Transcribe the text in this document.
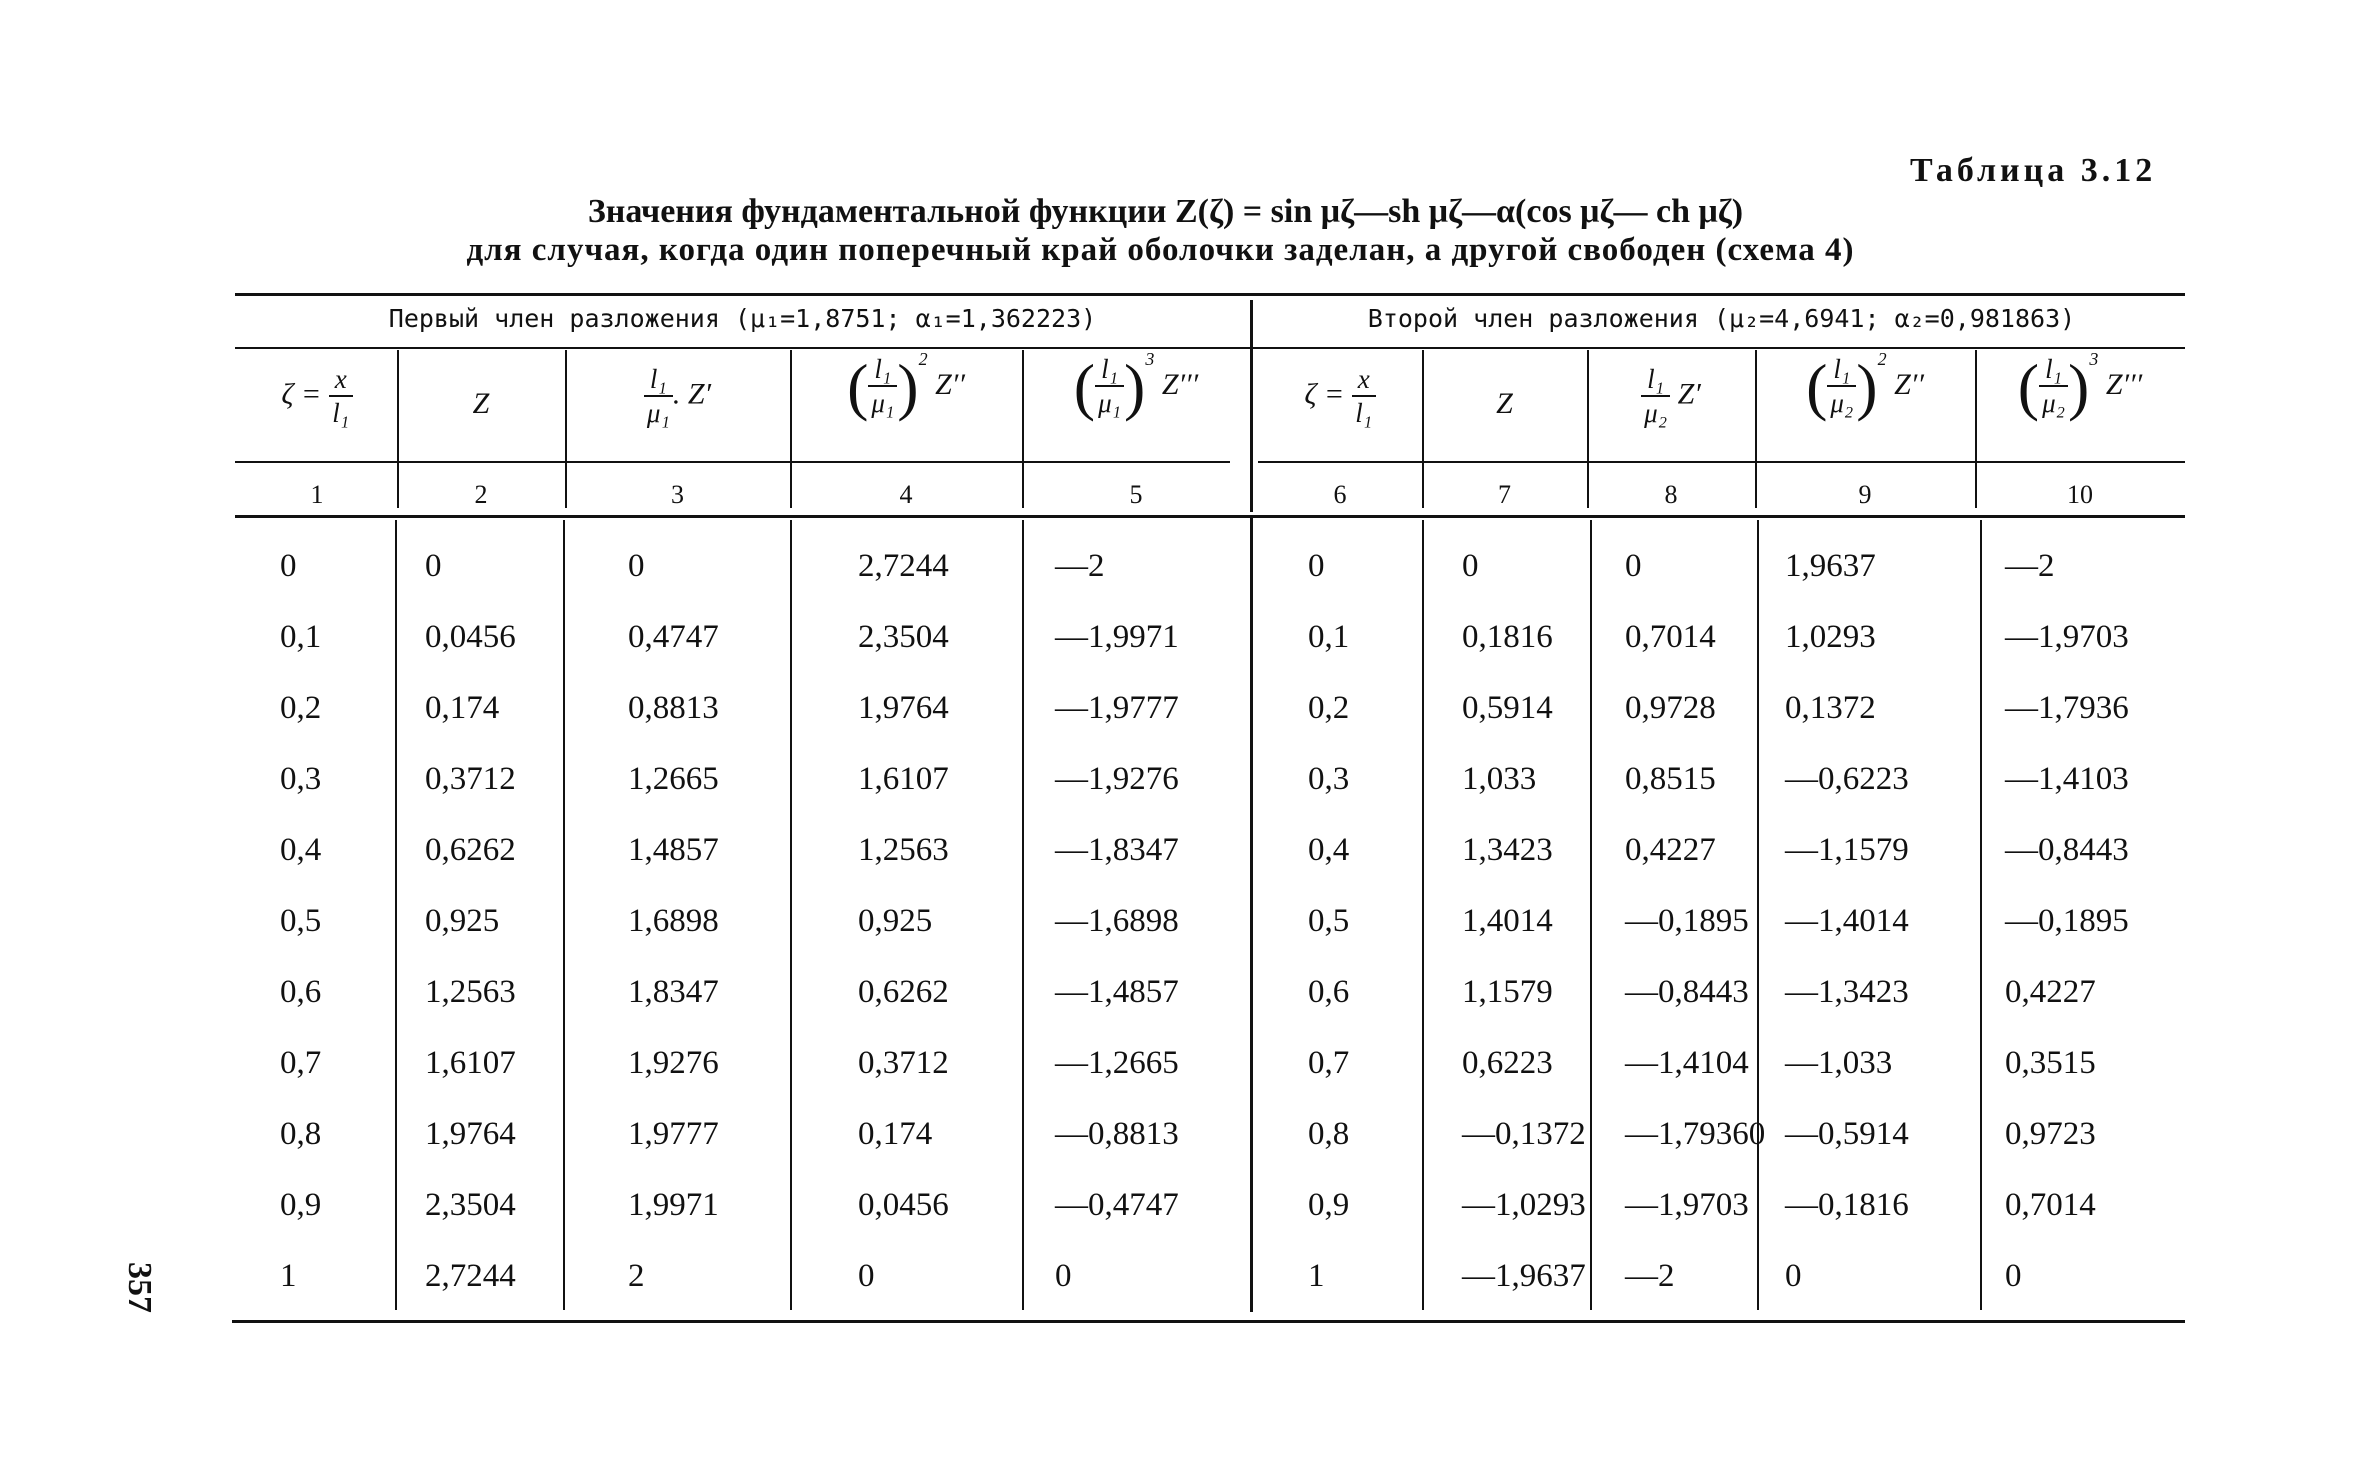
Таблица 3.12
Значения фундаментальной функции Z(ζ) = sin μζ—sh μζ—α(cos μζ— ch μζ)
для случая, когда один поперечный край оболочки заделан, а другой свободен (схема 4)
Первый член разложения (μ₁=1,8751; α₁=1,362223)	Второй член разложения (μ₂=4,6941; α₂=0,981863)
$\zeta = \frac{x}{\text{l₁}}$	Z	$\frac{\text{l₁}}{\text{μ₁}}$ . Z′	( $\frac{\text{l₁}}{\text{μ₁}} )^2$ Z′′	( $\frac{\text{l₁}}{\text{μ₁}} )^3$ Z′′′	$\zeta = \frac{x}{\text{l₁}}$	Z	$\frac{\text{l₁}}{\text{μ₂}} Z'$	( $\frac{\text{l₁}}{\text{μ₂}} )^2$ Z′′	( $\frac{\text{l₁}}{\text{μ₂}} )^3$ Z′′′
1	2	3	4	5	6	7	8	9	10
0	0	0	2,7244	—2	0	0	0	1,9637	—2
0,1	0,0456	0,4747	2,3504	—1,9971	0,1	0,1816 0,7014 1,0293	—1,9703
0,2	0,174	0,8813	1,9764	—1,9777	0,2	0,5914 0,9728 0,1372	—1,7936
0,3	0,3712	1,2665	1,6107	—1,9276	0,3	1,033	0,8515 —0,6223	—1,4103
0,4	0,6262	1,4857	1,2563	—1,8347	0,4	1,3423 0,4227 —1,1579	—0,8443
0,5	0,925	1,6898	0,925	—1,6898	0,5	1,4014 —0,1895 —1,4014	—0,1895
0,6	1,2563	1,8347	0,6262	—1,4857	0,6	1,1579 —0,8443 —1,3423	0,4227
0,7	1,6107	1,9276	0,3712	—1,2665	0,7	0,6223 —1,4104 —1,033	0,3515
0,8	1,9764	1,9777	0,174	—0,8813	0,8	—0,1372 —1,79360 —0,5914	0,9723
0,9	2,3504	1,9971	0,0456	—0,4747	0,9	—1,0293 —1,9703 —0,1816	0,7014
1	2,7244	2	0	0	1	—1,9637 —2	0	0
357
